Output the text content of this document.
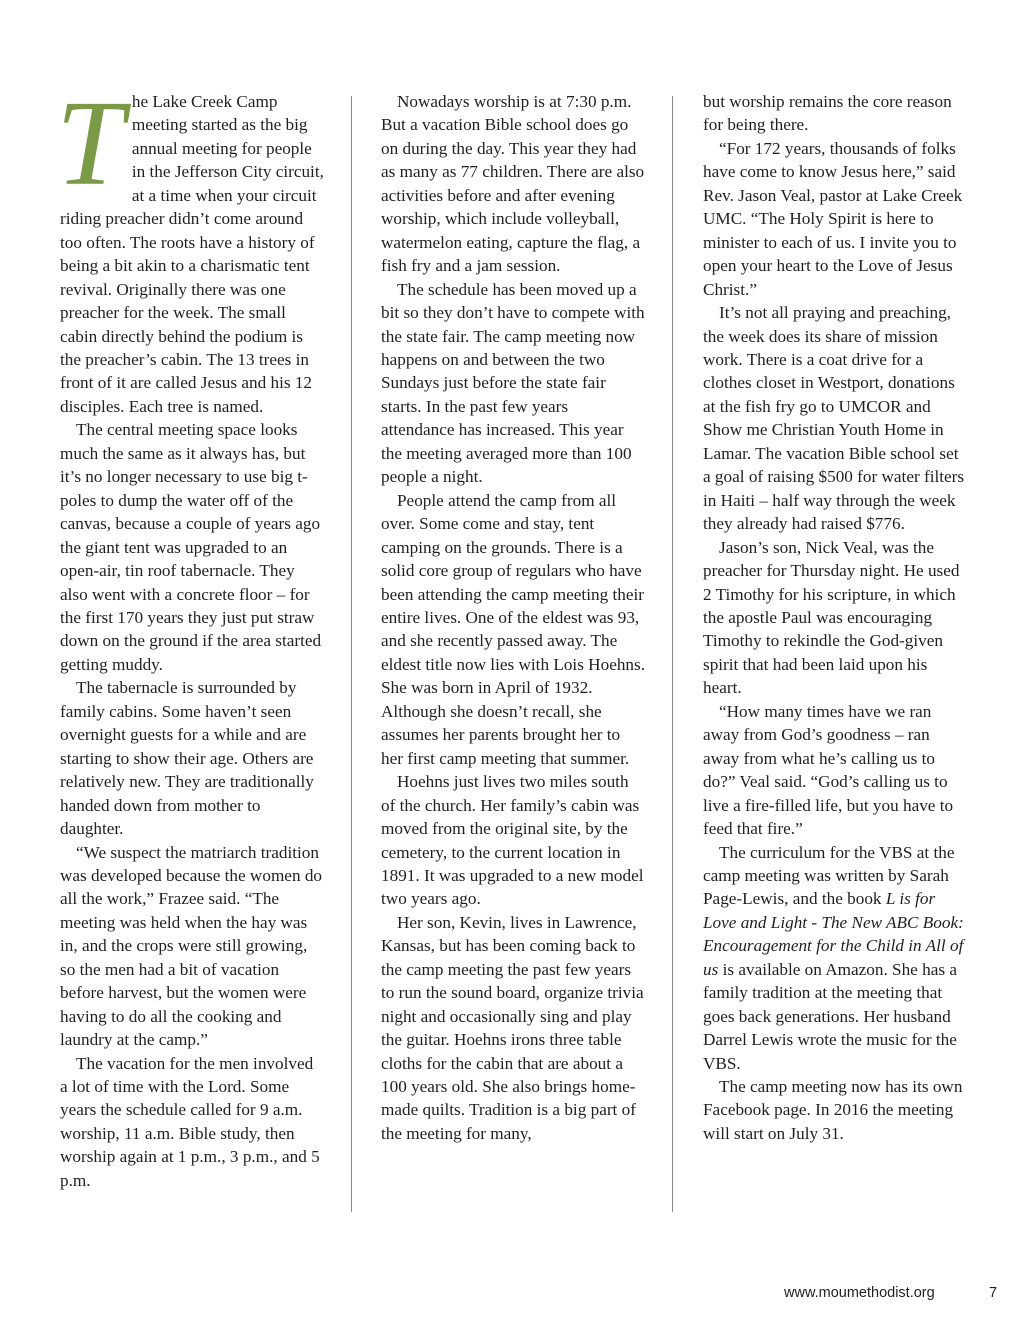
The Lake Creek Camp meeting started as the big annual meeting for people in the Jefferson City circuit, at a time when your circuit riding preacher didn’t come around too often. The roots have a history of being a bit akin to a charismatic tent revival. Originally there was one preacher for the week. The small cabin directly behind the podium is the preacher’s cabin. The 13 trees in front of it are called Jesus and his 12 disciples. Each tree is named.

The central meeting space looks much the same as it always has, but it’s no longer necessary to use big t-poles to dump the water off of the canvas, because a couple of years ago the giant tent was upgraded to an open-air, tin roof tabernacle. They also went with a concrete floor – for the first 170 years they just put straw down on the ground if the area started getting muddy.

The tabernacle is surrounded by family cabins. Some haven’t seen overnight guests for a while and are starting to show their age. Others are relatively new. They are traditionally handed down from mother to daughter.

“We suspect the matriarch tradition was developed because the women do all the work,” Frazee said. “The meeting was held when the hay was in, and the crops were still growing, so the men had a bit of vacation before harvest, but the women were having to do all the cooking and laundry at the camp.”

The vacation for the men involved a lot of time with the Lord. Some years the schedule called for 9 a.m. worship, 11 a.m. Bible study, then worship again at 1 p.m., 3 p.m., and 5 p.m.

Nowadays worship is at 7:30 p.m. But a vacation Bible school does go on during the day. This year they had as many as 77 children. There are also activities before and after evening worship, which include volleyball, watermelon eating, capture the flag, a fish fry and a jam session.

The schedule has been moved up a bit so they don’t have to compete with the state fair. The camp meeting now happens on and between the two Sundays just before the state fair starts. In the past few years attendance has increased. This year the meeting averaged more than 100 people a night.

People attend the camp from all over. Some come and stay, tent camping on the grounds. There is a solid core group of regulars who have been attending the camp meeting their entire lives. One of the eldest was 93, and she recently passed away. The eldest title now lies with Lois Hoehns. She was born in April of 1932. Although she doesn’t recall, she assumes her parents brought her to her first camp meeting that summer.

Hoehns just lives two miles south of the church. Her family’s cabin was moved from the original site, by the cemetery, to the current location in 1891. It was upgraded to a new model two years ago.

Her son, Kevin, lives in Lawrence, Kansas, but has been coming back to the camp meeting the past few years to run the sound board, organize trivia night and occasionally sing and play the guitar. Hoehns irons three table cloths for the cabin that are about a 100 years old. She also brings home-made quilts. Tradition is a big part of the meeting for many,

but worship remains the core reason for being there.

“For 172 years, thousands of folks have come to know Jesus here,” said Rev. Jason Veal, pastor at Lake Creek UMC. “The Holy Spirit is here to minister to each of us. I invite you to open your heart to the Love of Jesus Christ.”

It’s not all praying and preaching, the week does its share of mission work. There is a coat drive for a clothes closet in Westport, donations at the fish fry go to UMCOR and Show me Christian Youth Home in Lamar. The vacation Bible school set a goal of raising $500 for water filters in Haiti – half way through the week they already had raised $776.

Jason’s son, Nick Veal, was the preacher for Thursday night. He used 2 Timothy for his scripture, in which the apostle Paul was encouraging Timothy to rekindle the God-given spirit that had been laid upon his heart.

“How many times have we ran away from God’s goodness – ran away from what he’s calling us to do?” Veal said. “God’s calling us to live a fire-filled life, but you have to feed that fire.”

The curriculum for the VBS at the camp meeting was written by Sarah Page-Lewis, and the book L is for Love and Light - The New ABC Book: Encouragement for the Child in All of us is available on Amazon. She has a family tradition at the meeting that goes back generations. Her husband Darrel Lewis wrote the music for the VBS.

The camp meeting now has its own Facebook page. In 2016 the meeting will start on July 31.

www.moumethodist.org	7
